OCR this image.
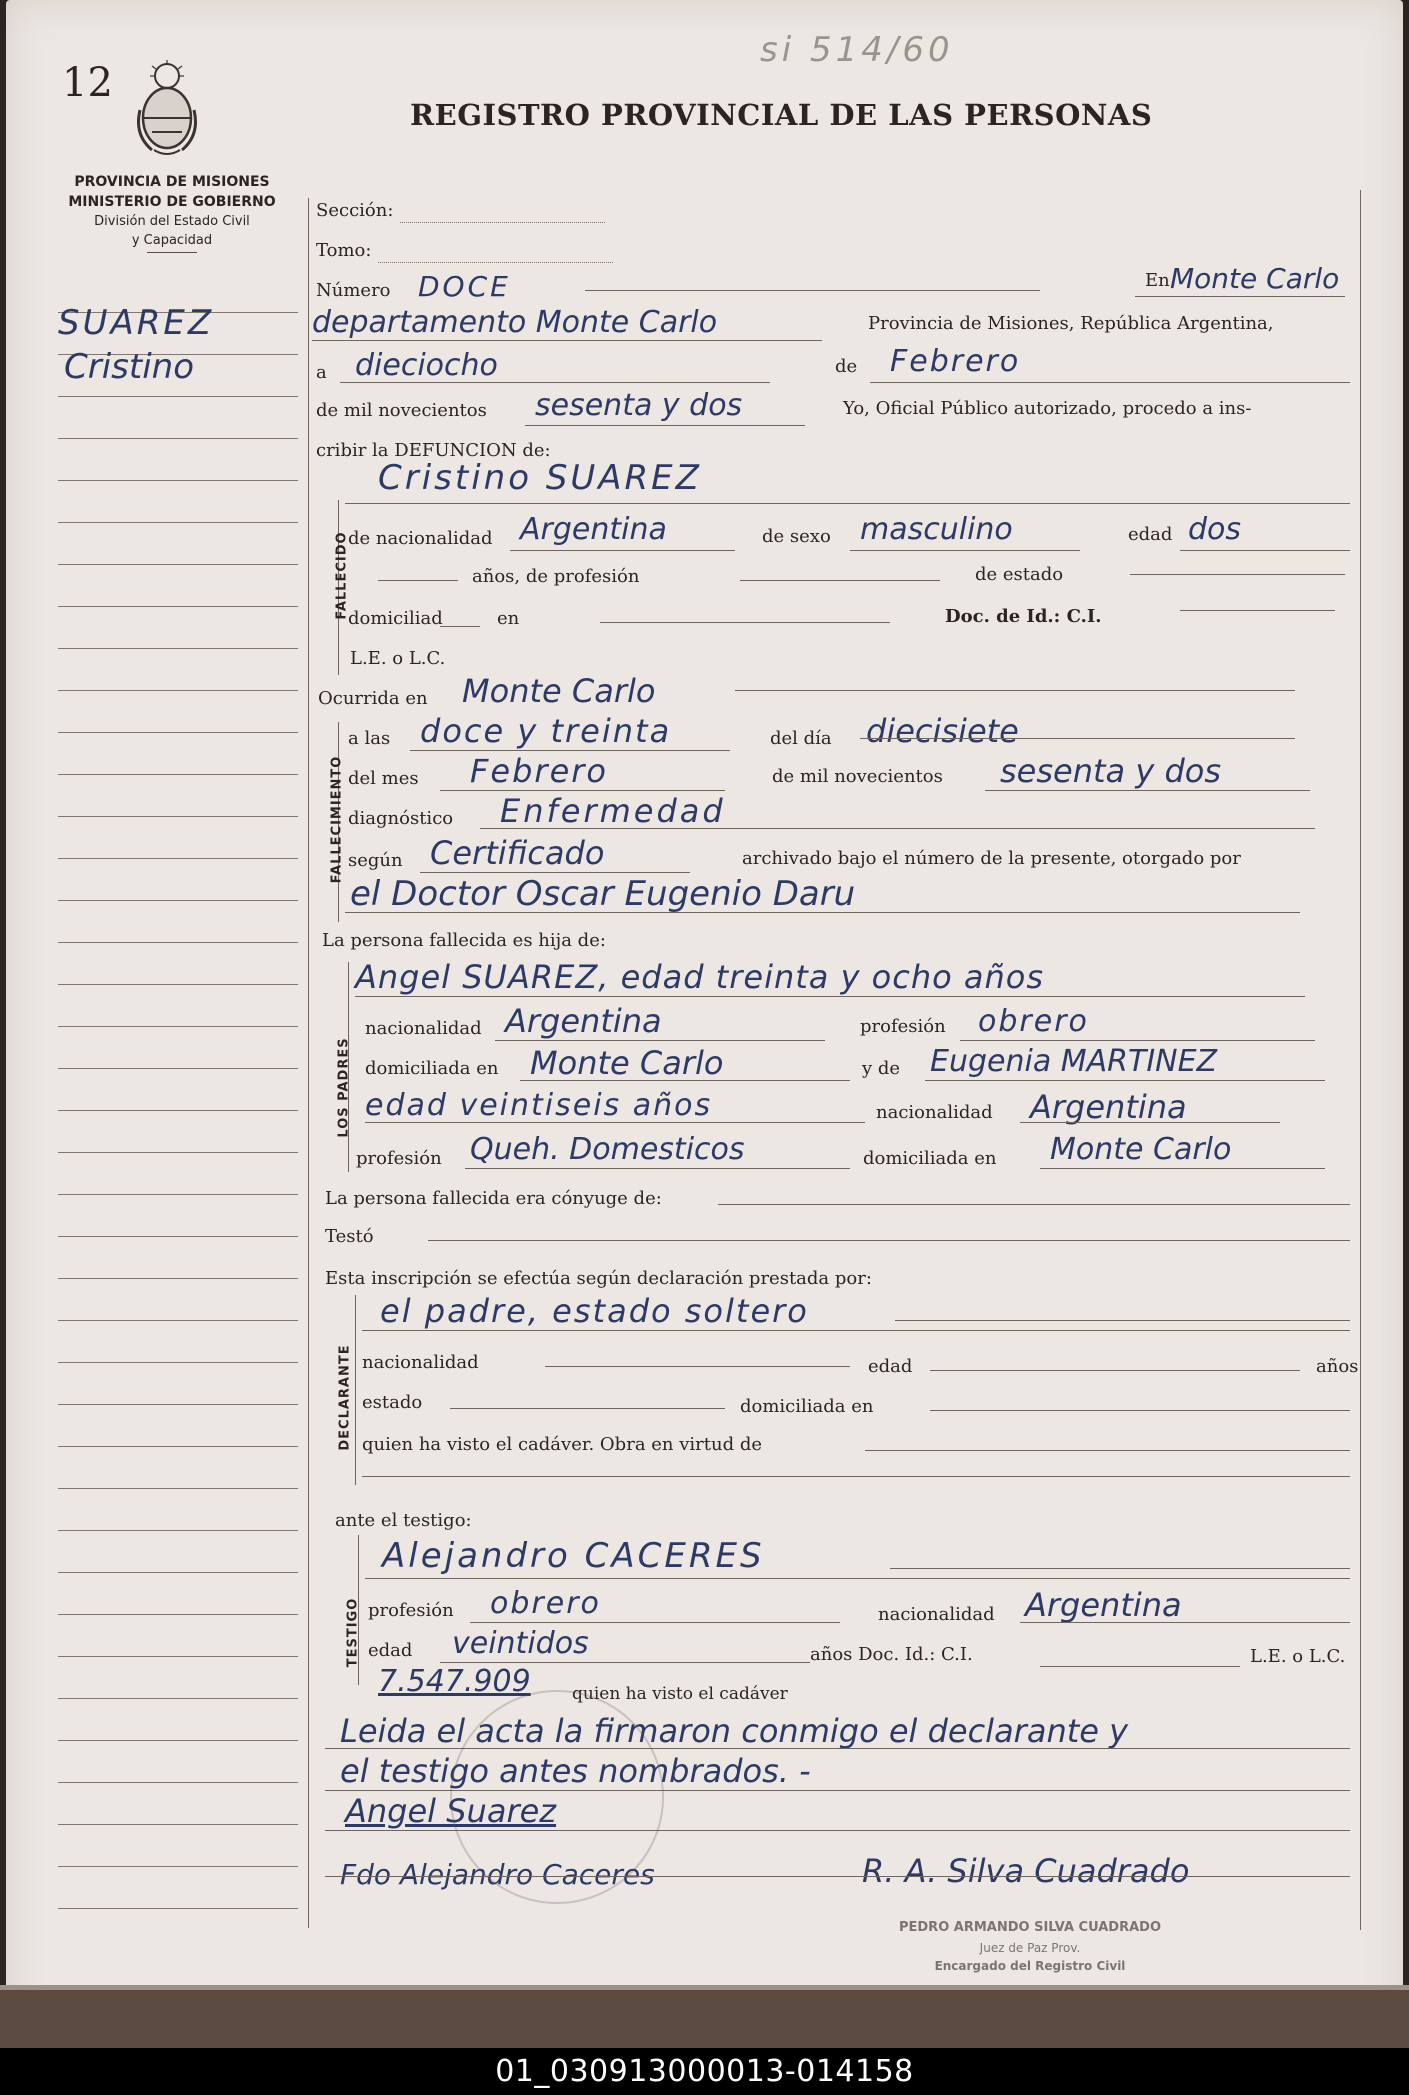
12
si 514/60
REGISTRO PROVINCIAL DE LAS PERSONAS
PROVINCIA DE MISIONES
MINISTERIO DE GOBIERNO
División del Estado Civil
y Capacidad
SUAREZ
Cristino
Sección:
Tomo:
Número DOCE	En Monte Carlo
departamento Monte Carlo	Provincia de Misiones, República Argentina,
a dieciocho	de Febrero
de mil novecientos sesenta y dos	Yo, Oficial Público autorizado, procedo a ins-
cribir la DEFUNCION de:
FALLECIDO
Cristino SUAREZ
de nacionalidad Argentina	de sexo masculino	edad dos
años, de profesión	de estado
domiciliad	en	Doc. de Id.: C.I.
L.E. o L.C.
Ocurrida en Monte Carlo
FALLECIMIENTO
a las doce y treinta	del día diecisiete
del mes Febrero	de mil novecientos sesenta y dos
diagnóstico Enfermedad
según Certificado	archivado bajo el número de la presente, otorgado por
el Doctor Oscar Eugenio Daru
La persona fallecida es hija de:
LOS PADRES
Angel SUAREZ, edad treinta y ocho años
nacionalidad Argentina	profesión obrero
domiciliada en Monte Carlo	y de Eugenia MARTINEZ
edad veintiseis años	nacionalidad Argentina
profesión Queh. Domesticos	domiciliada en Monte Carlo
La persona fallecida era cónyuge de:
Testó
Esta inscripción se efectúa según declaración prestada por:
DECLARANTE
el padre, estado soltero
nacionalidad	edad	años
estado	domiciliada en
quien ha visto el cadáver. Obra en virtud de
ante el testigo:
TESTIGO
Alejandro CACERES
profesión obrero	nacionalidad Argentina
edad veintidos	años Doc. Id.: C.I.	L.E. o L.C.
7.547.909 quien ha visto el cadáver
Leida el acta la firmaron conmigo el declarante y
el testigo antes nombrados. -
Angel Suarez
Fdo Alejandro Caceres	R. A. Silva Cuadrado
PEDRO ARMANDO SILVA CUADRADO
Juez de Paz Prov.
Encargado del Registro Civil
01_030913000013-014158
